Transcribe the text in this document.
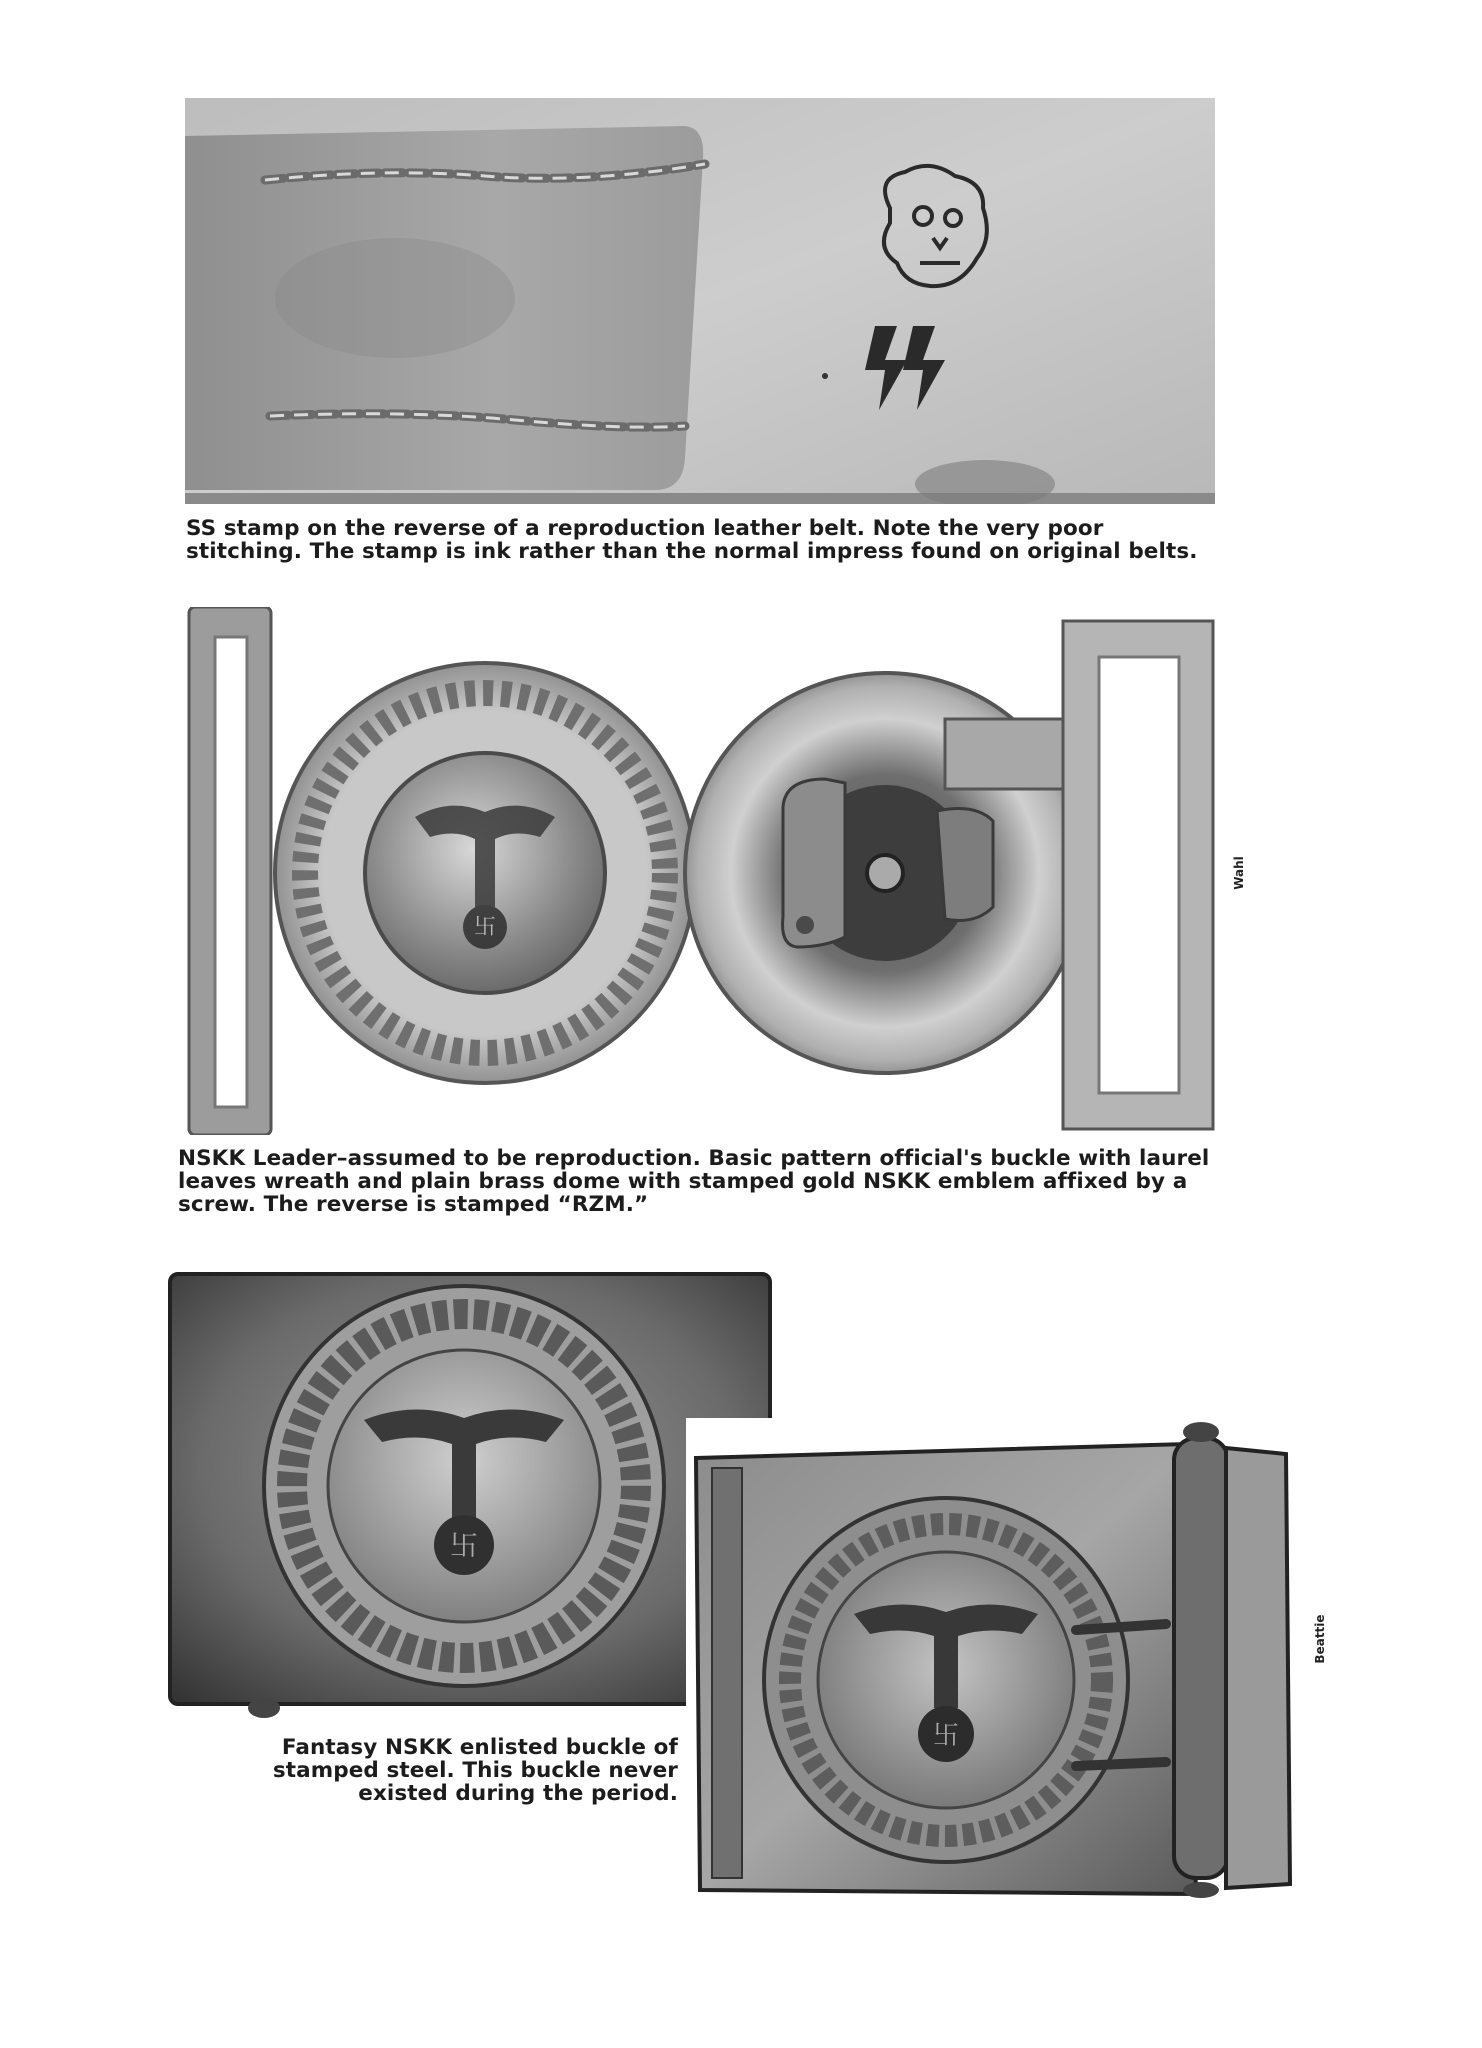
SS stamp on the reverse of a reproduction leather belt. Note the very poor stitching. The stamp is ink rather than the normal impress found on original belts.
卐
Wahl
NSKK Leader–assumed to be reproduction. Basic pattern official's buckle with laurel leaves wreath and plain brass dome with stamped gold NSKK emblem affixed by a screw. The reverse is stamped “RZM.”
卐
卐
Beattie
Fantasy NSKK enlisted buckle of stamped steel. This buckle never existed during the period.
